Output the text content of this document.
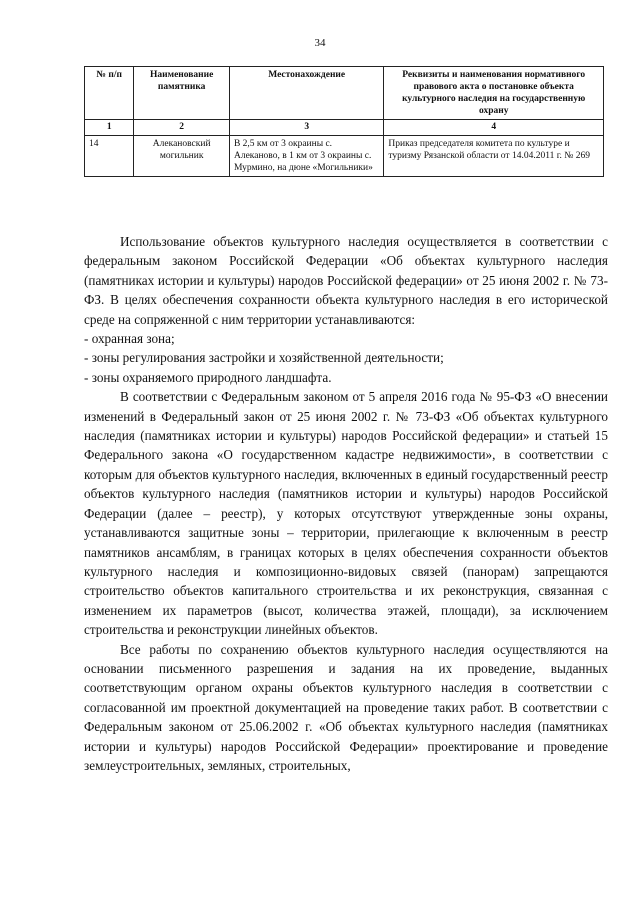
34
№ п/п	Наименование памятника	Местонахождение	Реквизиты и наименования нормативного правового акта о постановке объекта культурного наследия на государственную охрану
1	2	3	4
14	Алекановский могильник	В 2,5 км от 3 окраины с. Алеканово, в 1 км от 3 окраины с. Мурмино, на дюне «Могильники»	Приказ председателя комитета по культуре и туризму Рязанской области от 14.04.2011 г. № 269

Использование объектов культурного наследия осуществляется в соответствии с федеральным законом Российской Федерации «Об объектах культурного наследия (памятниках истории и культуры) народов Российской федерации» от 25 июня 2002 г. № 73-ФЗ. В целях обеспечения сохранности объекта культурного наследия в его исторической среде на сопряженной с ним территории устанавливаются:

- охранная зона;

- зоны регулирования застройки и хозяйственной деятельности;

- зоны охраняемого природного ландшафта.

В соответствии с Федеральным законом от 5 апреля 2016 года № 95-ФЗ «О внесении изменений в Федеральный закон от 25 июня 2002 г. № 73-ФЗ «Об объектах культурного наследия (памятниках истории и культуры) народов Российской федерации» и статьей 15 Федерального закона «О государственном кадастре недвижимости», в соответствии с которым для объектов культурного наследия, включенных в единый государственный реестр объектов культурного наследия (памятников истории и культуры) народов Российской Федерации (далее – реестр), у которых отсутствуют утвержденные зоны охраны, устанавливаются защитные зоны – территории, прилегающие к включенным в реестр памятников ансамблям, в границах которых в целях обеспечения сохранности объектов культурного наследия и композиционно-видовых связей (панорам) запрещаются строительство объектов капитального строительства и их реконструкция, связанная с изменением их параметров (высот, количества этажей, площади), за исключением строительства и реконструкции линейных объектов.

Все работы по сохранению объектов культурного наследия осуществляются на основании письменного разрешения и задания на их проведение, выданных соответствующим органом охраны объектов культурного наследия в соответствии с согласованной им проектной документацией на проведение таких работ. В соответствии с Федеральным законом от 25.06.2002 г. «Об объектах культурного наследия (памятниках истории и культуры) народов Российской Федерации» проектирование и проведение землеустроительных, земляных, строительных,
